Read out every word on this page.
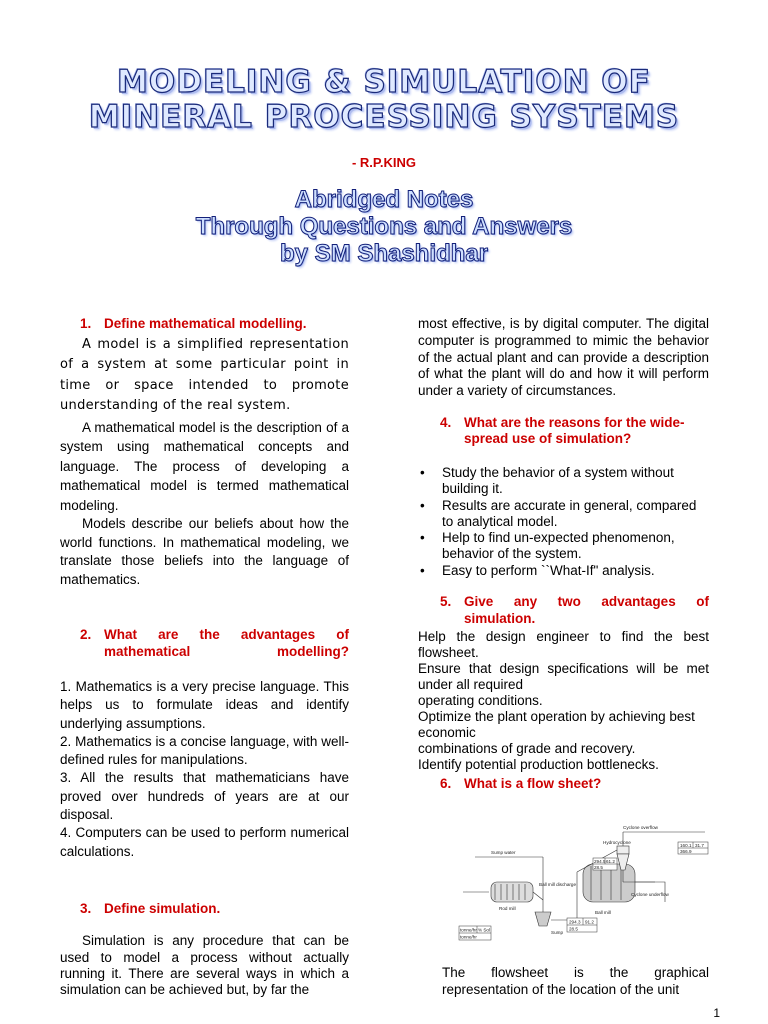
MODELING & SIMULATION OF
MINERAL PROCESSING SYSTEMS
- R.P.KING
Abridged Notes
Through Questions and Answers
by SM Shashidhar
1. Define mathematical modelling.

A model is a simplified representation of a system at some particular point in time or space intended to promote understanding of the real system.

A mathematical model is the description of a system using mathematical concepts and language. The process of developing a mathematical model is termed mathematical modeling.

Models describe our beliefs about how the world functions. In mathematical modeling, we translate those beliefs into the language of mathematics.

2. What are the advantages of mathematical modelling?

1. Mathematics is a very precise language. This helps us to formulate ideas and identify underlying assumptions.

2. Mathematics is a concise language, with well-defined rules for manipulations.

3. All the results that mathematicians have proved over hundreds of years are at our disposal.

4. Computers can be used to perform numerical calculations.

3. Define simulation.

Simulation is any procedure that can be used to model a process without actually running it. There are several ways in which a simulation can be achieved but, by far the

most effective, is by digital computer. The digital computer is programmed to mimic the behavior of the actual plant and can provide a description of what the plant will do and how it will perform under a variety of circumstances.

4. What are the reasons for the wide-spread use of simulation?
• Study the behavior of a system without building it.
• Results are accurate in general, compared to analytical model.
• Help to find un-expected phenomenon, behavior of the system.
• Easy to perform ``What-If" analysis.
5. Give any two advantages of simulation.

Help the design engineer to find the best flowsheet.

Ensure that design specifications will be met under all required

operating conditions.

Optimize the plant operation by achieving best economic

combinations of grade and recovery.

Identify potential production bottlenecks.

6. What is a flow sheet?

The flowsheet is the graphical representation of the location of the unit

Cyclone overflow
Hydrocyclone
Sump water
Ball mill discharge
Rod mill
Ball mill
Cyclone underflow
Sump
tonne/hr % Sol
tonne/hr
160.1 31.7
366.9
294.5 61.2
28.5
294.3 91.2
28.5
1
